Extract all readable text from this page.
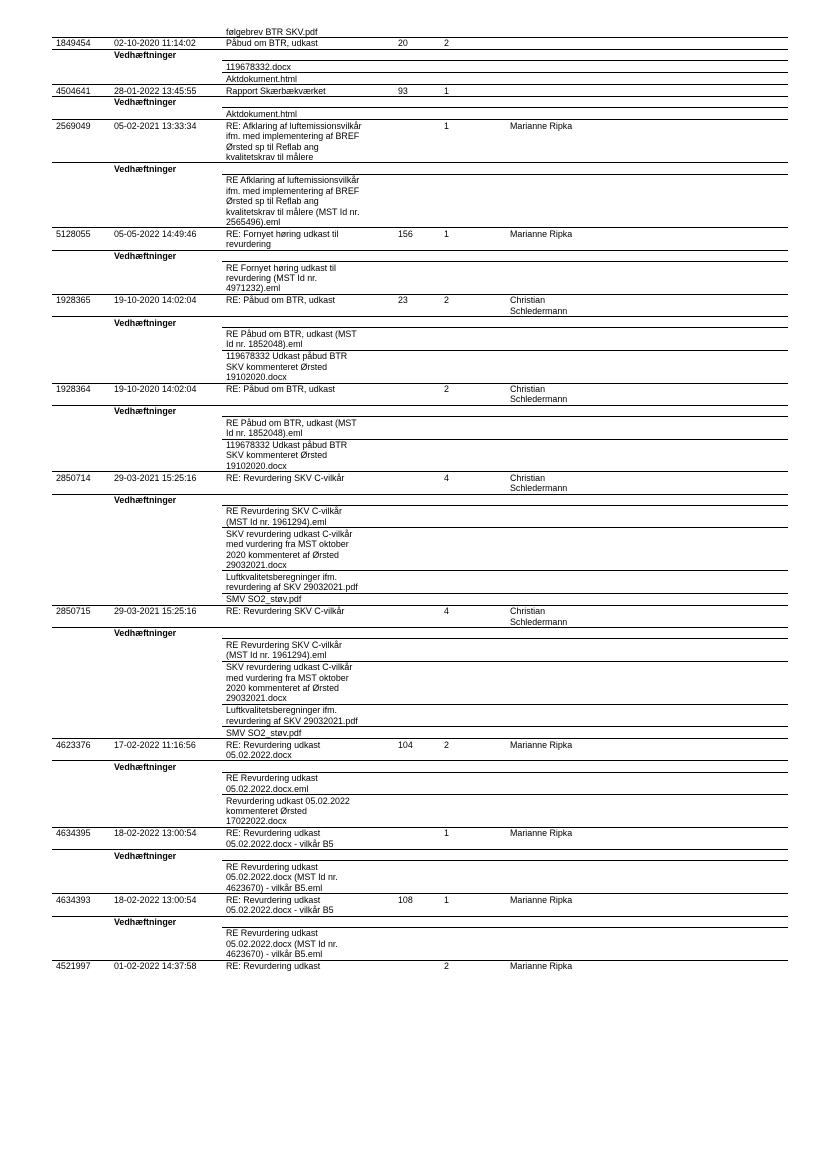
		følgebrev BTR SKV.pdf			
1849454	02-10-2020 11:14:02	Påbud om BTR, udkast	20	2	
	Vedhæftninger				
		119678332.docx			
		Aktdokument.html			
4504641	28-01-2022 13:45:55	Rapport Skærbækværket	93	1	
	Vedhæftninger				
		Aktdokument.html			
2569049	05-02-2021 13:33:34	RE: Afklaring af luftemissionsvilkår
ifm. med implementering af BREF
Ørsted sp til Reflab ang
kvalitetskrav til målere		1	Marianne Ripka
	Vedhæftninger				
		RE Afklaring af luftemissionsvilkår
ifm. med implementering af BREF
Ørsted sp til Reflab ang
kvalitetskrav til målere (MST Id nr.
2565496).eml			
5128055	05-05-2022 14:49:46	RE: Fornyet høring udkast til
revurdering	156	1	Marianne Ripka
	Vedhæftninger				
		RE Fornyet høring udkast til
revurdering (MST Id nr.
4971232).eml			
1928365	19-10-2020 14:02:04	RE: Påbud om BTR, udkast	23	2	Christian
Schledermann
	Vedhæftninger				
		RE Påbud om BTR, udkast (MST
Id nr. 1852048).eml			
		119678332 Udkast påbud BTR
SKV kommenteret Ørsted
19102020.docx			
1928364	19-10-2020 14:02:04	RE: Påbud om BTR, udkast		2	Christian
Schledermann
	Vedhæftninger				
		RE Påbud om BTR, udkast (MST
Id nr. 1852048).eml			
		119678332 Udkast påbud BTR
SKV kommenteret Ørsted
19102020.docx			
2850714	29-03-2021 15:25:16	RE: Revurdering SKV C-vilkår		4	Christian
Schledermann
	Vedhæftninger				
		RE Revurdering SKV C-vilkår
(MST Id nr. 1961294).eml			
		SKV revurdering udkast C-vilkår
med vurdering fra MST oktober
2020 kommenteret af Ørsted
29032021.docx			
		Luftkvalitetsberegninger ifm.
revurdering af SKV 29032021.pdf			
		SMV SO2_støv.pdf			
2850715	29-03-2021 15:25:16	RE: Revurdering SKV C-vilkår		4	Christian
Schledermann
	Vedhæftninger				
		RE Revurdering SKV C-vilkår
(MST Id nr. 1961294).eml			
		SKV revurdering udkast C-vilkår
med vurdering fra MST oktober
2020 kommenteret af Ørsted
29032021.docx			
		Luftkvalitetsberegninger ifm.
revurdering af SKV 29032021.pdf			
		SMV SO2_støv.pdf			
4623376	17-02-2022 11:16:56	RE: Revurdering udkast
05.02.2022.docx	104	2	Marianne Ripka
	Vedhæftninger				
		RE Revurdering udkast
05.02.2022.docx.eml			
		Revurdering udkast 05.02.2022
kommenteret Ørsted
17022022.docx			
4634395	18-02-2022 13:00:54	RE: Revurdering udkast
05.02.2022.docx - vilkår B5		1	Marianne Ripka
	Vedhæftninger				
		RE Revurdering udkast
05.02.2022.docx (MST Id nr.
4623670) - vilkår B5.eml			
4634393	18-02-2022 13:00:54	RE: Revurdering udkast
05.02.2022.docx - vilkår B5	108	1	Marianne Ripka
	Vedhæftninger				
		RE Revurdering udkast
05.02.2022.docx (MST Id nr.
4623670) - vilkår B5.eml			
4521997	01-02-2022 14:37:58	RE: Revurdering udkast		2	Marianne Ripka
